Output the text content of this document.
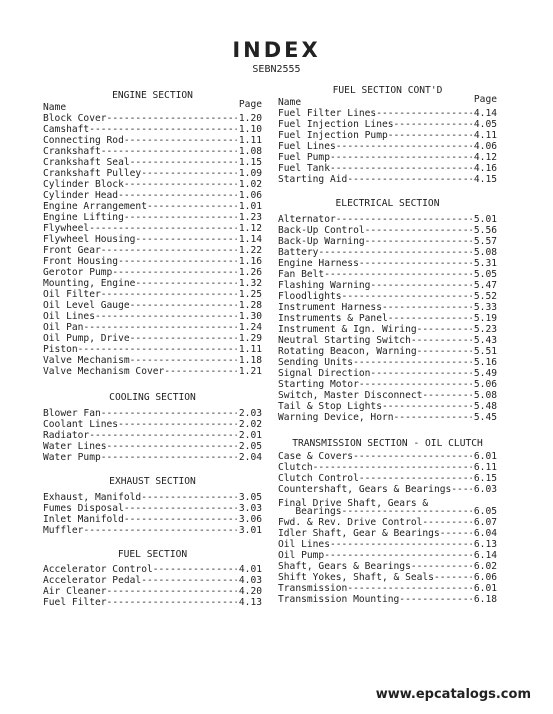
INDEX
SEBN2555
ENGINE SECTION
Name	Page
Block Cover -----	1.20
Camshaft -----	1.10
Connecting Rod -----	1.11
Crankshaft -----	1.08
Crankshaft Seal -----	1.15
Crankshaft Pulley -----	1.09
Cylinder Block -----	1.02
Cylinder Head -----	1.06
Engine Arrangement -----	1.01
Engine Lifting -----	1.23
Flywheel -----	1.12
Flywheel Housing -----	1.14
Front Gear -----	1.22
Front Housing -----	1.16
Gerotor Pump -----	1.26
Mounting, Engine -----	1.32
Oil Filter -----	1.25
Oil Level Gauge -----	1.28
Oil Lines -----	1.30
Oil Pan -----	1.24
Oil Pump, Drive -----	1.29
Piston -----	1.11
Valve Mechanism -----	1.18
Valve Mechanism Cover -----	1.21
COOLING SECTION
Blower Fan -----	2.03
Coolant Lines -----	2.02
Radiator -----	2.01
Water Lines -----	2.05
Water Pump -----	2.04
EXHAUST SECTION
Exhaust, Manifold -----	3.05
Fumes Disposal -----	3.03
Inlet Manifold -----	3.06
Muffler -----	3.01
FUEL SECTION
Accelerator Control -----	4.01
Accelerator Pedal -----	4.03
Air Cleaner -----	4.20
Fuel Filter -----	4.13
FUEL SECTION CONT'D
Name	Page
Fuel Filter Lines -----	4.14
Fuel Injection Lines -----	4.05
Fuel Injection Pump -----	4.11
Fuel Lines -----	4.06
Fuel Pump -----	4.12
Fuel Tank -----	4.16
Starting Aid -----	4.15
ELECTRICAL SECTION
Alternator -----	5.01
Back-Up Control -----	5.56
Back-Up Warning -----	5.57
Battery -----	5.08
Engine Harness -----	5.31
Fan Belt -----	5.05
Flashing Warning -----	5.47
Floodlights -----	5.52
Instrument Harness -----	5.33
Instruments & Panel -----	5.19
Instrument & Ign. Wiring -----	5.23
Neutral Starting Switch -----	5.43
Rotating Beacon, Warning -----	5.51
Sending Units -----	5.16
Signal Direction -----	5.49
Starting Motor -----	5.06
Switch, Master Disconnect -----	5.08
Tail & Stop Lights -----	5.48
Warning Device, Horn -----	5.45
TRANSMISSION SECTION - OIL CLUTCH
Case & Covers -----	6.01
Clutch -----	6.11
Clutch Control -----	6.15
Countershaft, Gears & Bearings ----- 6.03
Final Drive Shaft, Gears &
Bearings -----	6.05
Fwd. & Rev. Drive Control -----	6.07
Idler Shaft, Gear & Bearings -----	6.04
Oil Lines -----	6.13
Oil Pump -----	6.14
Shaft, Gears & Bearings -----	6.02
Shift Yokes, Shaft, & Seals -----	6.06
Transmission -----	6.01
Transmission Mounting -----	6.18
www.epcatalogs.com
